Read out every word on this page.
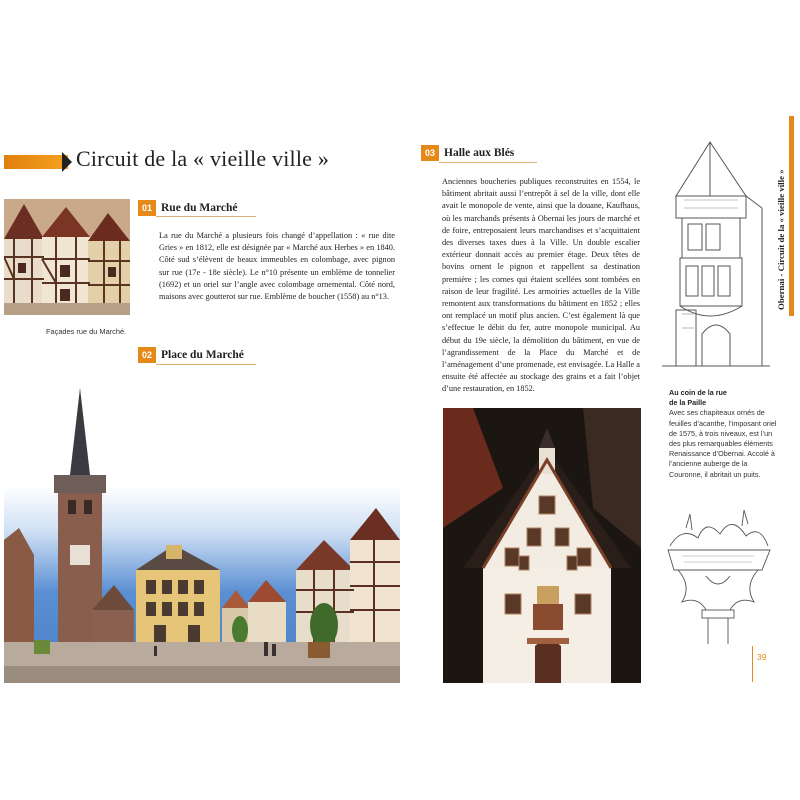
Circuit de la « vieille ville »
Façades rue du Marché.
01 Rue du Marché
La rue du Marché a plusieurs fois changé d’appellation : « rue dite Gries » en 1812, elle est désignée par « Marché aux Herbes » en 1840. Côté sud s’élèvent de beaux immeubles en colombage, avec pignon sur rue (17e - 18e siècle). Le n°10 présente un emblème de tonnelier (1692) et un oriel sur l’angle avec colombage ornemental. Côté nord, maisons avec goutterot sur rue. Emblème de boucher (1558) au n°13.
02 Place du Marché
03 Halle aux Blés
Anciennes boucheries publiques reconstruites en 1554, le bâtiment abritait aussi l’entrepôt à sel de la ville, dont elle avait le monopole de vente, ainsi que la douane, Kaufhaus, où les marchands présents à Obernai les jours de marché et de foire, entreposaient leurs marchandises et s’acquittaient des diverses taxes dues à la Ville. Un double escalier extérieur donnait accès au premier étage. Deux têtes de bovins ornent le pignon et rappellent sa destination première ; les cornes qui étaient scellées sont tombées en raison de leur fragilité. Les armoiries actuelles de la Ville remontent aux transformations du bâtiment en 1852 ; elles ont remplacé un motif plus ancien. C’est également là que s’effectue le débit du fer, autre monopole municipal. Au début du 19e siècle, la démolition du bâtiment, en vue de l’agrandissement de la Place du Marché et de l’aménagement d’une promenade, est envisagée. La Halle a ensuite été affectée au stockage des grains et a fait l’objet d’une restauration, en 1852.
Obernai - Circuit de la « vieille ville »
Au coin de la rue
de la Paille
Avec ses chapiteaux ornés de feuilles d’acanthe, l’imposant oriel de 1575, à trois niveaux, est l’un des plus remarquables éléments Renaissance d’Obernai. Accolé à l’ancienne auberge de la Couronne, il abritait un puits.
39
